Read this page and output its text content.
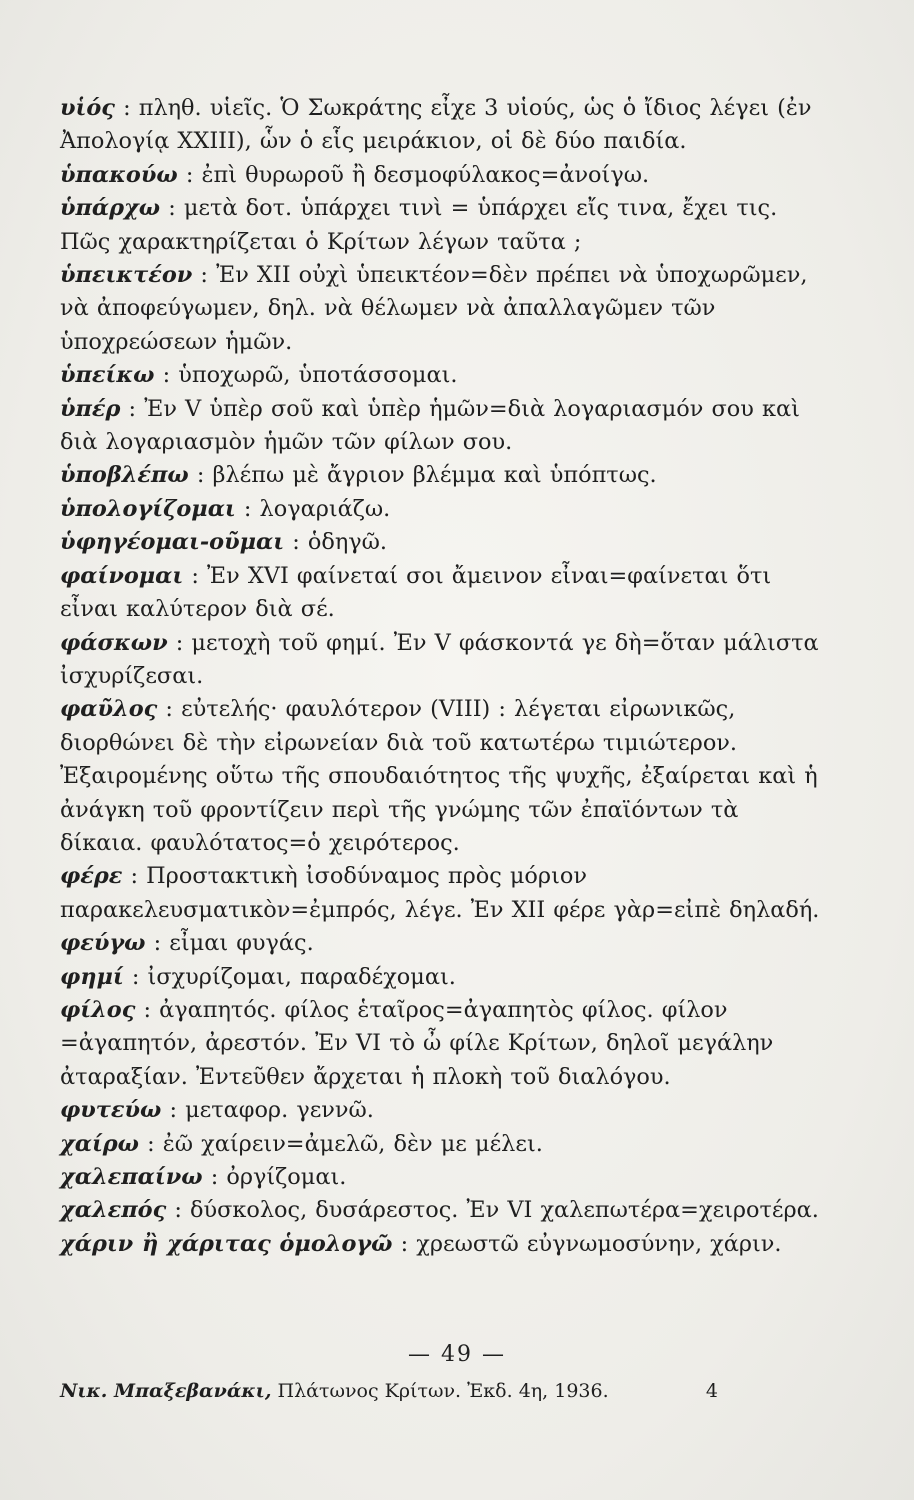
υἱός : πληθ. υἱεῖς. Ὁ Σωκράτης εἶχε 3 υἱούς, ὡς ὁ ἴδιος λέγει (ἐν Ἀπολογίᾳ XXIII), ὧν ὁ εἷς μειράκιον, οἱ δὲ δύο παιδία.
ὑπακούω : ἐπὶ θυρωροῦ ἢ δεσμοφύλακος=ἀνοίγω.
ὑπάρχω : μετὰ δοτ. ὑπάρχει τινὶ = ὑπάρχει εἴς τινα, ἔχει τις. Πῶς χαρακτηρίζεται ὁ Κρίτων λέγων ταῦτα ;
ὑπεικτέον : Ἐν XII οὐχὶ ὑπεικτέον=δὲν πρέπει νὰ ὑποχωρῶμεν, νὰ ἀποφεύγωμεν, δηλ. νὰ θέλωμεν νὰ ἀπαλλαγῶμεν τῶν ὑποχρεώσεων ἡμῶν.
ὑπείκω : ὑποχωρῶ, ὑποτάσσομαι.
ὑπέρ : Ἐν V ὑπὲρ σοῦ καὶ ὑπὲρ ἡμῶν=διὰ λογαριασμόν σου καὶ διὰ λογαριασμὸν ἡμῶν τῶν φίλων σου.
ὑποβλέπω : βλέπω μὲ ἄγριον βλέμμα καὶ ὑπόπτως.
ὑπολογίζομαι : λογαριάζω.
ὑφηγέομαι-οῦμαι : ὁδηγῶ.
φαίνομαι : Ἐν XVI φαίνεταί σοι ἄμεινον εἶναι=φαίνεται ὅτι εἶναι καλύτερον διὰ σέ.
φάσκων : μετοχὴ τοῦ φημί. Ἐν V φάσκοντά γε δὴ=ὅταν μάλιστα ἰσχυρίζεσαι.
φαῦλος : εὐτελής· φαυλότερον (VIII) : λέγεται εἰρωνικῶς, διορθώνει δὲ τὴν εἰρωνείαν διὰ τοῦ κατωτέρω τιμιώτερον. Ἐξαιρομένης οὕτω τῆς σπουδαιότητος τῆς ψυχῆς, ἐξαίρεται καὶ ἡ ἀνάγκη τοῦ φροντίζειν περὶ τῆς γνώμης τῶν ἐπαϊόντων τὰ δίκαια. φαυλότατος=ὁ χειρότερος.
φέρε : Προστακτικὴ ἰσοδύναμος πρὸς μόριον παρακελευσματικὸν=ἐμπρός, λέγε. Ἐν XII φέρε γὰρ=εἰπὲ δηλαδή.
φεύγω : εἶμαι φυγάς.
φημί : ἰσχυρίζομαι, παραδέχομαι.
φίλος : ἀγαπητός. φίλος ἑταῖρος=ἀγαπητὸς φίλος. φίλον =ἀγαπητόν, ἀρεστόν. Ἐν VI τὸ ὦ φίλε Κρίτων, δηλοῖ μεγάλην ἀταραξίαν. Ἐντεῦθεν ἄρχεται ἡ πλοκὴ τοῦ διαλόγου.
φυτεύω : μεταφορ. γεννῶ.
χαίρω : ἐῶ χαίρειν=ἀμελῶ, δὲν με μέλει.
χαλεπαίνω : ὀργίζομαι.
χαλεπός : δύσκολος, δυσάρεστος. Ἐν VI χαλεπωτέρα=χειροτέρα.
χάριν ἢ χάριτας ὁμολογῶ : χρεωστῶ εὐγνωμοσύνην, χάριν.
— 49 —
Νικ. Μπαξεβανάκι, Πλάτωνος Κρίτων. Ἐκδ. 4η, 1936.	4
